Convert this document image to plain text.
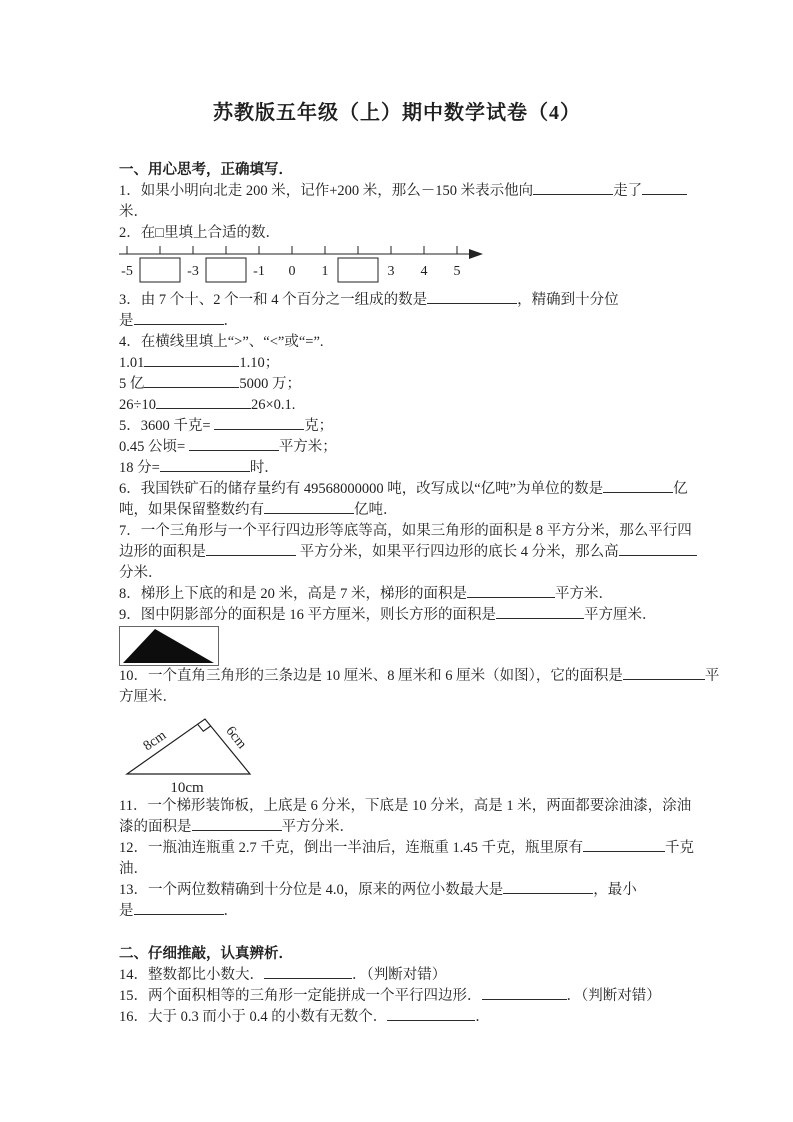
苏教版五年级（上）期中数学试卷（4）
一、用心思考，正确填写．
1．如果小明向北走 200 米，记作+200 米，那么－150 米表示他向	走了
米．
2．在□里填上合适的数．
-5	-3	-1 0 1	3 4 5
3．由 7 个十、2 个一和 4 个百分之一组成的数是	，精确到十分位
是	．
4．在横线里填上“>”、“<”或“=”.
1.01	1.10；
5 亿	5000 万；
26÷10	26×0.1.
5．3600 千克=	克；
0.45 公顷=	平方米；
18 分=	时．
6．我国铁矿石的储存量约有 49568000000 吨，改写成以“亿吨”为单位的数是	亿
吨，如果保留整数约有	亿吨．
7．一个三角形与一个平行四边形等底等高，如果三角形的面积是 8 平方分米，那么平行四
边形的面积是	平方分米，如果平行四边形的底长 4 分米，那么高
分米．
8．梯形上下底的和是 20 米，高是 7 米，梯形的面积是	平方米．
9．图中阴影部分的面积是 16 平方厘米，则长方形的面积是	平方厘米．
10．一个直角三角形的三条边是 10 厘米、8 厘米和 6 厘米（如图），它的面积是	平
方厘米．
8cm	6cm
10cm
11．一个梯形装饰板，上底是 6 分米，下底是 10 分米，高是 1 米，两面都要涂油漆，涂油
漆的面积是	平方分米．
12．一瓶油连瓶重 2.7 千克，倒出一半油后，连瓶重 1.45 千克，瓶里原有	千克
油．
13．一个两位数精确到十分位是 4.0，原来的两位小数最大是	，最小
是	．
二、仔细推敲，认真辨析．
14．整数都比小数大．	．（判断对错）
15．两个面积相等的三角形一定能拼成一个平行四边形．	．（判断对错）
16．大于 0.3 而小于 0.4 的小数有无数个．	．
